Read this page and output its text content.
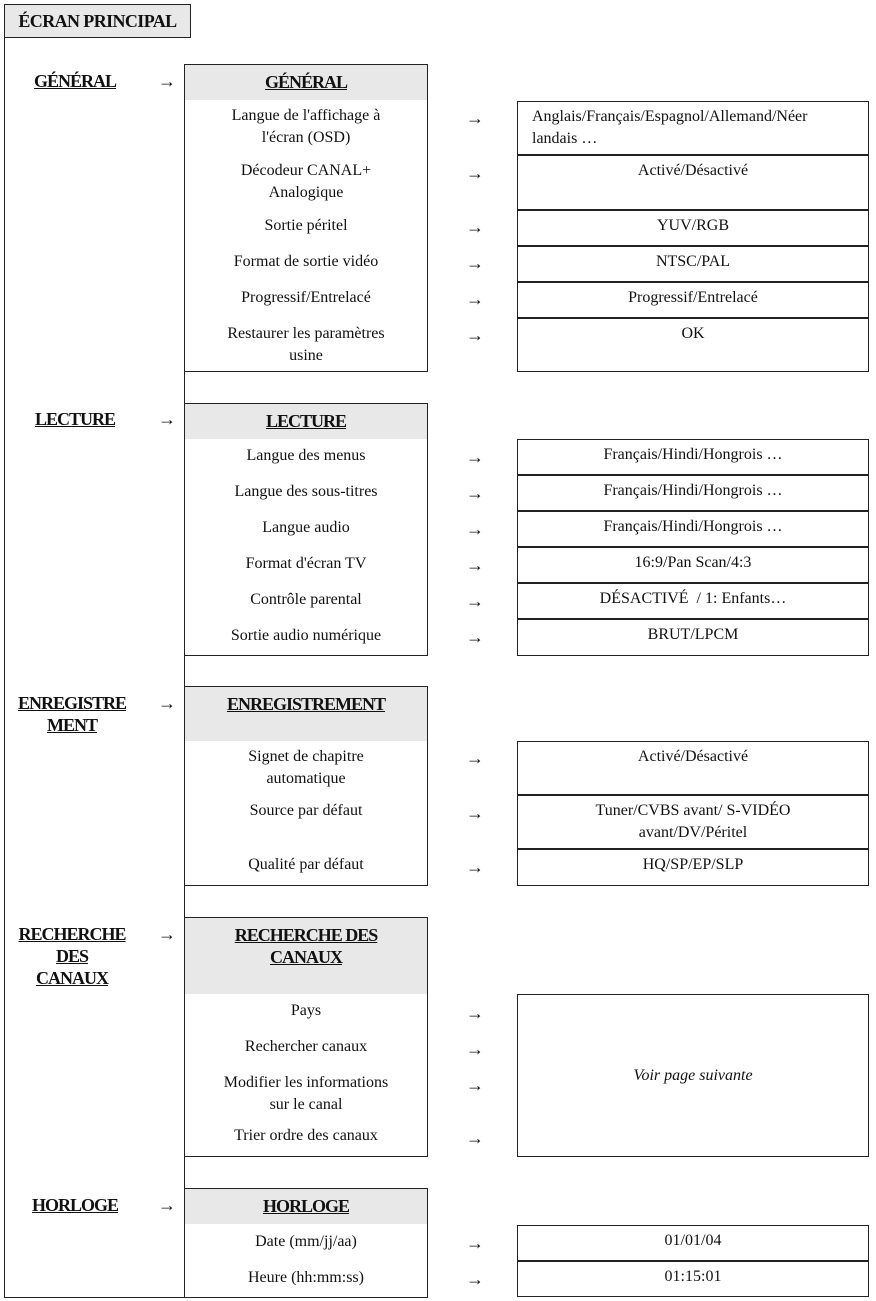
ÉCRAN PRINCIPAL
GÉNÉRAL	→	GÉNÉRAL
Langue de l'affichage à
l'écran (OSD)
→	Anglais/Français/Espagnol/Allemand/Néer
landais …
Décodeur CANAL+
Analogique
→	Activé/Désactivé
Sortie péritel	→	YUV/RGB
Format de sortie vidéo	→	NTSC/PAL
Progressif/Entrelacé	→	Progressif/Entrelacé
Restaurer les paramètres
usine
→	OK
LECTURE	→	LECTURE
Langue des menus	→	Français/Hindi/Hongrois …
Langue des sous-titres	→	Français/Hindi/Hongrois …
Langue audio	→	Français/Hindi/Hongrois …
Format d'écran TV	→	16:9/Pan Scan/4:3
Contrôle parental	→	DÉSACTIVÉ  / 1: Enfants…
Sortie audio numérique	→	BRUT/LPCM
ENREGISTRE
MENT
→	ENREGISTREMENT
Signet de chapitre
automatique
→	Activé/Désactivé
Source par défaut	→	Tuner/CVBS avant/ S-VIDÉO
avant/DV/Péritel
Qualité par défaut	→	HQ/SP/EP/SLP
RECHERCHE
DES
CANAUX
→	RECHERCHE DES
CANAUX
Pays	→
Rechercher canaux	→
Modifier les informations
sur le canal
→
Trier ordre des canaux	→
Voir page suivante
HORLOGE	→	HORLOGE
Date (mm/jj/aa)	→	01/01/04
Heure (hh:mm:ss)	→	01:15:01
